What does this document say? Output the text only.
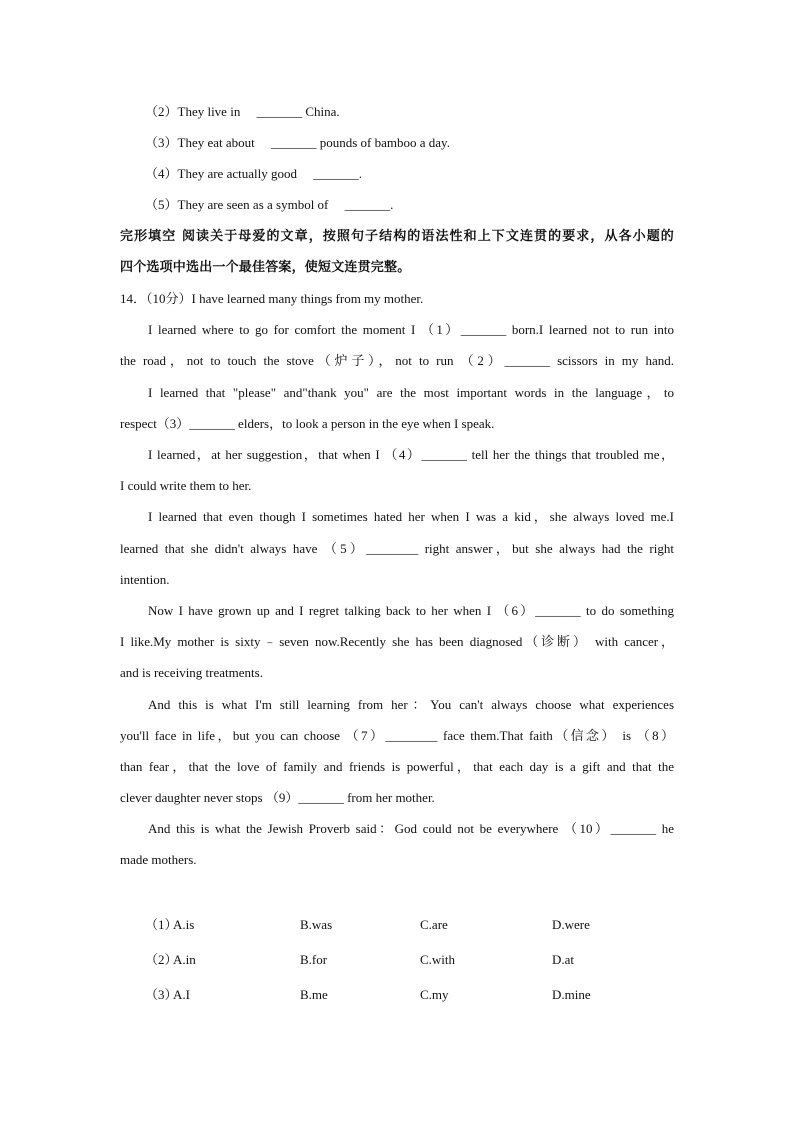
（2）They live in　 _______ China.
（3）They eat about　 _______ pounds of bamboo a day.
（4）They are actually good　 _______.
（5）They are seen as a symbol of　 _______.
完形填空 阅读关于母爱的文章，按照句子结构的语法性和上下文连贯的要求，从各小题的
四个选项中选出一个最佳答案，使短文连贯完整。
14．（10分）I have learned many things from my mother.
I learned where to go for comfort the moment I （1）_______ born.I learned not to run into
the road，not to touch the stove（炉子），not to run （2）_______ scissors in my hand.
I learned that "please" and"thank you" are the most important words in the language，to
respect（3）_______ elders，to look a person in the eye when I speak.
I learned，at her suggestion，that when I （4）_______ tell her the things that troubled me，
I could write them to her.
I learned that even though I sometimes hated her when I was a kid，she always loved me.I
learned that she didn't always have （5）________ right answer，but she always had the right
intention.
Now I have grown up and I regret talking back to her when I （6）_______ to do something
I like.My mother is sixty﹣seven now.Recently she has been diagnosed（诊断） with cancer，
and is receiving treatments.
And this is what I'm still learning from her：You can't always choose what experiences
you'll face in life，but you can choose （7）________ face them.That faith（信念） is （8）
than fear，that the love of family and friends is powerful，that each day is a gift and that the
clever daughter never stops （9）_______ from her mother.
And this is what the Jewish Proverb said：God could not be everywhere （10）_______ he
made mothers.
（1）
A.is	B.was	C.are	D.were
（2）
A.in	B.for	C.with	D.at
（3）
A.I	B.me	C.my	D.mine
